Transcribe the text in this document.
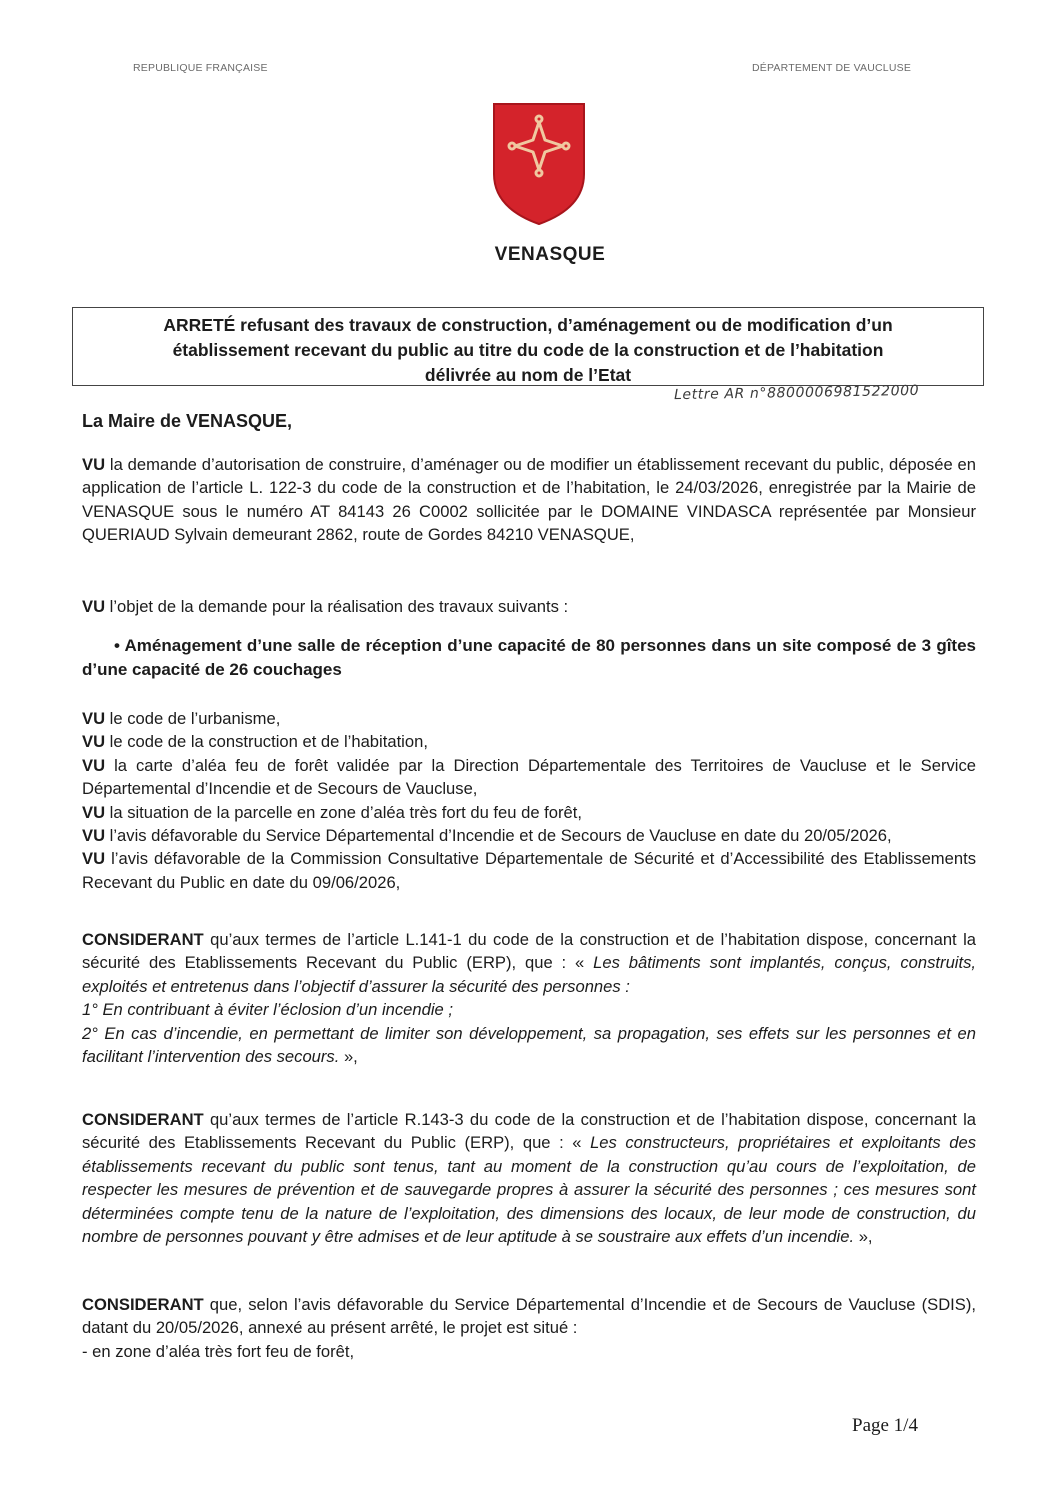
REPUBLIQUE FRANÇAISE	DÉPARTEMENT DE VAUCLUSE
VENASQUE
ARRETÉ refusant des travaux de construction, d’aménagement ou de modification d’un
établissement recevant du public au titre du code de la construction et de l’habitation
délivrée au nom de l’Etat
Lettre AR n°8800006981522000
La Maire de VENASQUE,
VU la demande d’autorisation de construire, d’aménager ou de modifier un établissement recevant du public, déposée en application de l’article L. 122-3 du code de la construction et de l’habitation, le 24/03/2026, enregistrée par la Mairie de VENASQUE sous le numéro AT 84143 26 C0002 sollicitée par le DOMAINE VINDASCA représentée par Monsieur QUERIAUD Sylvain demeurant 2862, route de Gordes 84210 VENASQUE,
VU l’objet de la demande pour la réalisation des travaux suivants :
• Aménagement d’une salle de réception d’une capacité de 80 personnes dans un site composé de 3 gîtes d’une capacité de 26 couchages
VU le code de l’urbanisme,
VU le code de la construction et de l’habitation,
VU la carte d’aléa feu de forêt validée par la Direction Départementale des Territoires de Vaucluse et le Service Départemental d’Incendie et de Secours de Vaucluse,
VU la situation de la parcelle en zone d’aléa très fort du feu de forêt,
VU l’avis défavorable du Service Départemental d’Incendie et de Secours de Vaucluse en date du 20/05/2026,
VU l’avis défavorable de la Commission Consultative Départementale de Sécurité et d’Accessibilité des Etablissements Recevant du Public en date du 09/06/2026,
CONSIDERANT qu’aux termes de l’article L.141-1 du code de la construction et de l’habitation dispose, concernant la sécurité des Etablissements Recevant du Public (ERP), que : « Les bâtiments sont implantés, conçus, construits, exploités et entretenus dans l’objectif d’assurer la sécurité des personnes :
1° En contribuant à éviter l’éclosion d’un incendie ;
2° En cas d’incendie, en permettant de limiter son développement, sa propagation, ses effets sur les personnes et en facilitant l’intervention des secours. »,
CONSIDERANT qu’aux termes de l’article R.143-3 du code de la construction et de l’habitation dispose, concernant la sécurité des Etablissements Recevant du Public (ERP), que : « Les constructeurs, propriétaires et exploitants des établissements recevant du public sont tenus, tant au moment de la construction qu’au cours de l’exploitation, de respecter les mesures de prévention et de sauvegarde propres à assurer la sécurité des personnes ; ces mesures sont déterminées compte tenu de la nature de l’exploitation, des dimensions des locaux, de leur mode de construction, du nombre de personnes pouvant y être admises et de leur aptitude à se soustraire aux effets d’un incendie. »,
CONSIDERANT que, selon l’avis défavorable du Service Départemental d’Incendie et de Secours de Vaucluse (SDIS), datant du 20/05/2026, annexé au présent arrêté, le projet est situé :
- en zone d’aléa très fort feu de forêt,
Page 1/4
